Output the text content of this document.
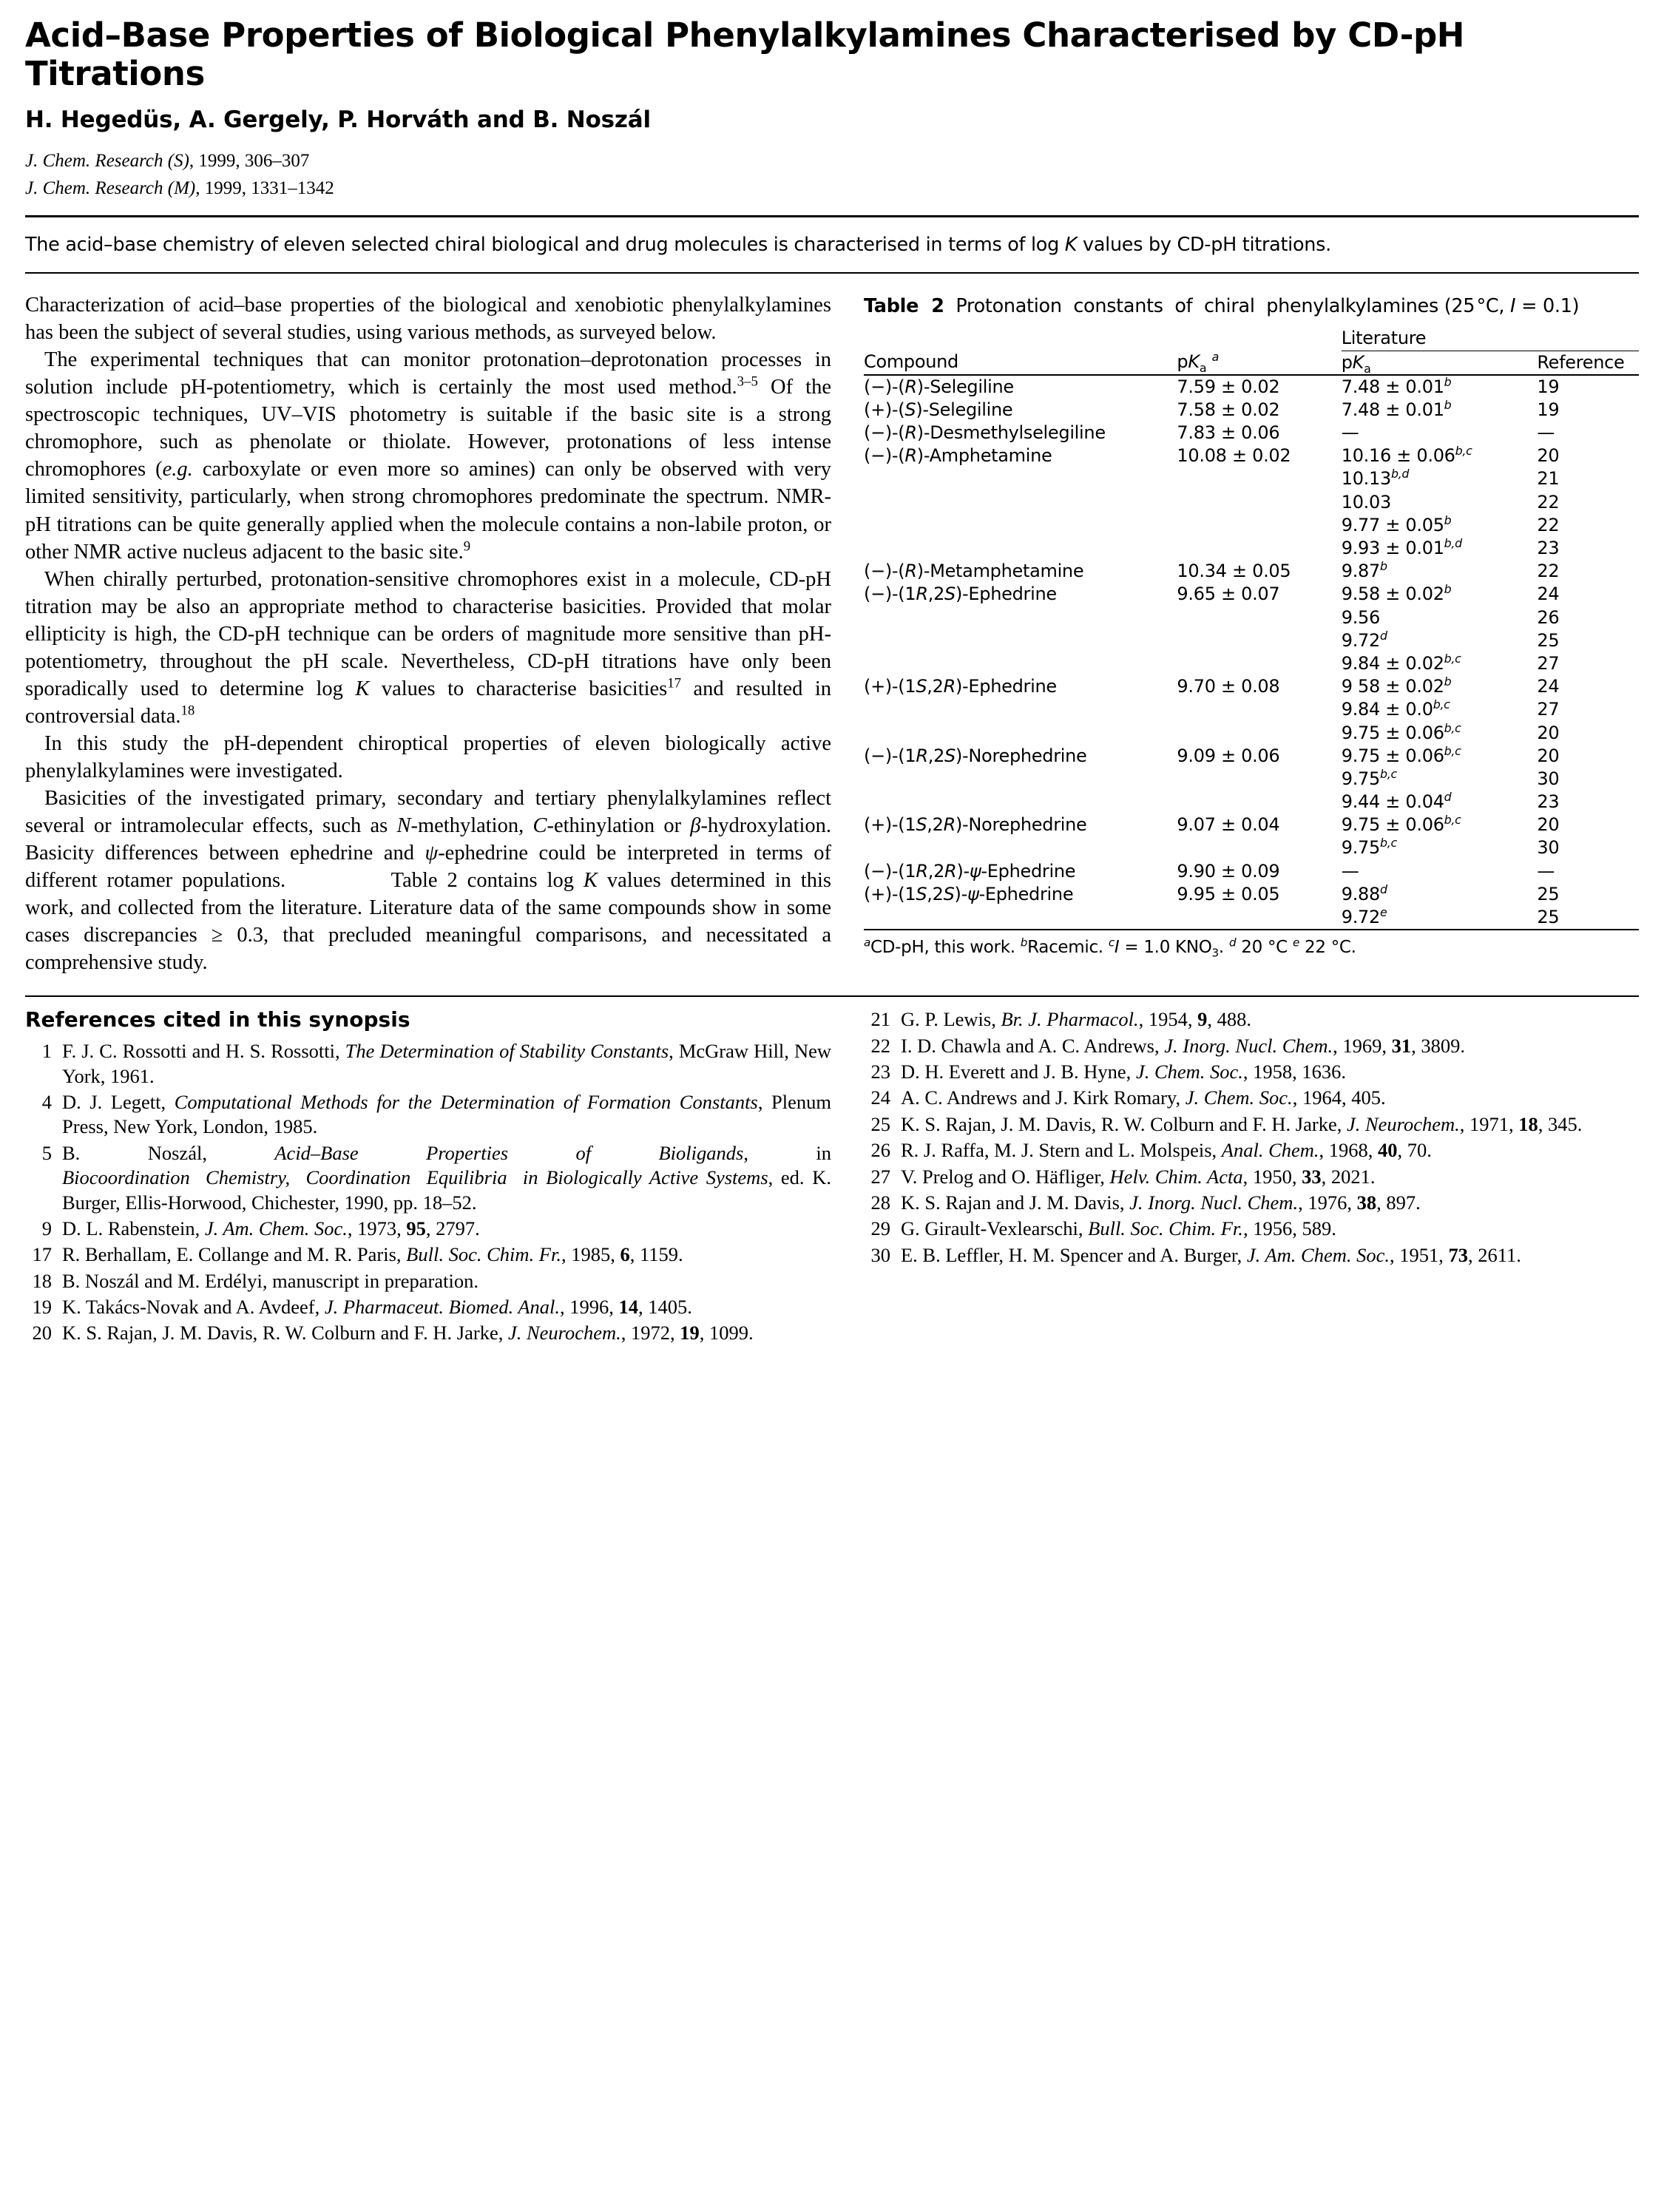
Acid–Base Properties of Biological Phenylalkylamines Characterised by CD-pH Titrations
H. Hegedüs, A. Gergely, P. Horváth and B. Noszál
J. Chem. Research (S), 1999, 306–307
J. Chem. Research (M), 1999, 1331–1342
The acid–base chemistry of eleven selected chiral biological and drug molecules is characterised in terms of log K values by CD-pH titrations.

Characterization of acid–base properties of the biological and xenobiotic phenylalkylamines has been the subject of several studies, using various methods, as surveyed below.

The experimental techniques that can monitor protonation–deprotonation processes in solution include pH-potentiometry, which is certainly the most used method.$^{3-5}$ Of the spectroscopic techniques, UV–VIS photometry is suitable if the basic site is a strong chromophore, such as phenolate or thiolate. However, protonations of less intense chromophores (e.g. carboxylate or even more so amines) can only be observed with very limited sensitivity, particularly, when strong chromophores predominate the spectrum. NMR-pH titrations can be quite generally applied when the molecule contains a non-labile proton, or other NMR active nucleus adjacent to the basic site.$^9$

When chirally perturbed, protonation-sensitive chromophores exist in a molecule, CD-pH titration may be also an appropriate method to characterise basicities. Provided that molar ellipticity is high, the CD-pH technique can be orders of magnitude more sensitive than pH-potentiometry, throughout the pH scale. Nevertheless, CD-pH titrations have only been sporadically used to determine log K values to characterise basicities$^{17}$ and resulted in controversial data.$^{18}$

In this study the pH-dependent chiroptical properties of eleven biologically active phenylalkylamines were investigated.

Basicities of the investigated primary, secondary and tertiary phenylalkylamines reflect several or intramolecular effects, such as N-methylation, C-ethinylation or β-hydroxylation. Basicity differences between ephedrine and ψ-ephedrine could be interpreted in terms of different rotamer populations.     Table 2 contains log K values determined in this work, and collected from the literature. Literature data of the same compounds show in some cases discrepancies ≥ 0.3, that precluded meaningful comparisons, and necessitated a comprehensive study.

Table  2  Protonation  constants  of  chiral  phenylalkylamines (25 °C, I = 0.1)
		Literature	
Compound	$pK_a$ $^a$	$pK_a$	Reference
(−)-(R)-Selegiline	7.59 ± 0.02	7.48 ± 0.01$^b$	19
(+)-(S)-Selegiline	7.58 ± 0.02	7.48 ± 0.01$^b$	19
(−)-(R)-Desmethylselegiline	7.83 ± 0.06	—	—
(−)-(R)-Amphetamine	10.08 ± 0.02	$10.16 \pm 0.06^{b,c}$	20
		10.13$^{b,d}$	21
		10.03	22
		9.77 ± 0.05$^b$	22
		$9.93 \pm 0.01^{b,d}$	23
(−)-(R)-Metamphetamine	10.34 ± 0.05	9.87$^b$	22
(−)-(1R,2S)-Ephedrine	9.65 ± 0.07	9.58 ± 0.02$^b$	24
		9.56	26
		9.72$^d$	25
		$9.84 \pm 0.02^{b,c}$	27
(+)-(1S,2R)-Ephedrine	9.70 ± 0.08	9 58 ± 0.02$^b$	24
		$9.84 \pm 0.0^{b,c}$	27
		$9.75 \pm 0.06^{b,c}$	20
(−)-(1R,2S)-Norephedrine	9.09 ± 0.06	$9.75 \pm 0.06^{b,c}$	20
		9.75$^{b,c}$	30
		9.44 ± 0.04$^d$	23
(+)-(1S,2R)-Norephedrine	9.07 ± 0.04	$9.75 \pm 0.06^{b,c}$	20
		9.75$^{b,c}$	30
(−)-(1R,2R)-ψ-Ephedrine	9.90 ± 0.09	—	—
(+)-(1S,2S)-ψ-Ephedrine	9.95 ± 0.05	9.88$^d$	25
		9.72e	25
$^a$CD-pH, this work. $^b$Racemic. $^c$I = 1.0 $KNO_3$. $^d$ 20 °C $^e$ 22 °C.
References cited in this synopsis
1 F. J. C. Rossotti and H. S. Rossotti, The Determination of Stability Constants, McGraw Hill, New York, 1961.
4 D. J. Legett, Computational Methods for the Determination of Formation Constants, Plenum Press, New York, London, 1985.
5 B.  Noszál,  Acid–Base  Properties  of  Bioligands,  in Biocoordination  Chemistry,  Coordination  Equilibria  in Biologically Active Systems, ed. K. Burger, Ellis-Horwood, Chichester, 1990, pp. 18–52.
9 D. L. Rabenstein, J. Am. Chem. Soc., 1973, 95, 2797.
17 R. Berhallam, E. Collange and M. R. Paris, Bull. Soc. Chim. Fr., 1985, 6, 1159.
18 B. Noszál and M. Erdélyi, manuscript in preparation.
19 K. Takács-Novak and A. Avdeef, J. Pharmaceut. Biomed. Anal., 1996, 14, 1405.
20 K. S. Rajan, J. M. Davis, R. W. Colburn and F. H. Jarke, J. Neurochem., 1972, 19, 1099.
21 G. P. Lewis, Br. J. Pharmacol., 1954, 9, 488.
22 I. D. Chawla and A. C. Andrews, J. Inorg. Nucl. Chem., 1969, 31, 3809.
23 D. H. Everett and J. B. Hyne, J. Chem. Soc., 1958, 1636.
24 A. C. Andrews and J. Kirk Romary, J. Chem. Soc., 1964, 405.
25 K. S. Rajan, J. M. Davis, R. W. Colburn and F. H. Jarke, J. Neurochem., 1971, 18, 345.
26 R. J. Raffa, M. J. Stern and L. Molspeis, Anal. Chem., 1968, 40, 70.
27 V. Prelog and O. Häfliger, Helv. Chim. Acta, 1950, 33, 2021.
28 K. S. Rajan and J. M. Davis, J. Inorg. Nucl. Chem., 1976, 38, 897.
29 G. Girault-Vexlearschi, Bull. Soc. Chim. Fr., 1956, 589.
30 E. B. Leffler, H. M. Spencer and A. Burger, J. Am. Chem. Soc., 1951, 73, 2611.
